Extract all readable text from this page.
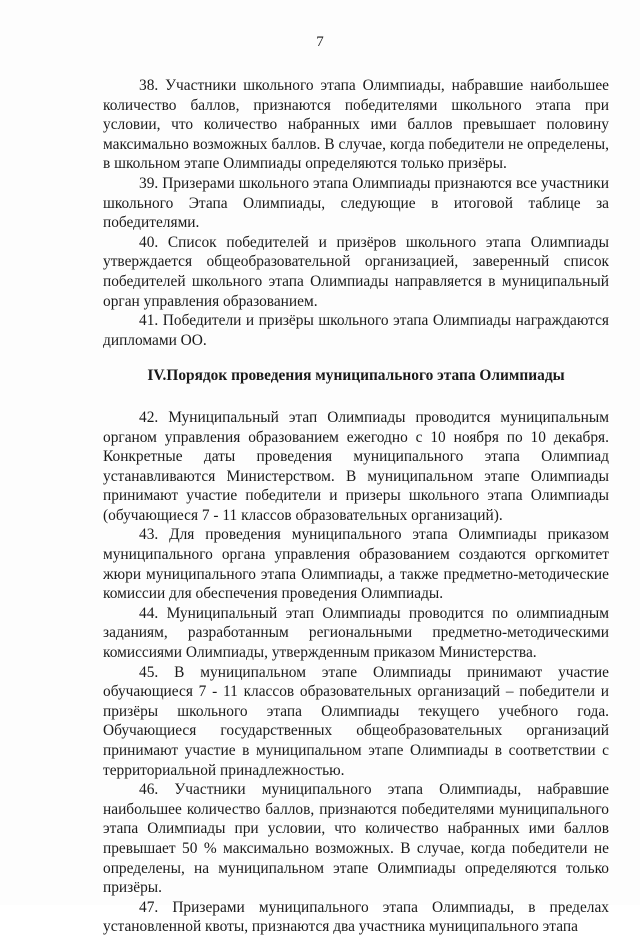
7

38. Участники школьного этапа Олимпиады, набравшие наибольшее количество баллов, признаются победителями школьного этапа при условии, что количество набранных ими баллов превышает половину максимально возможных баллов. В случае, когда победители не определены, в школьном этапе Олимпиады определяются только призёры.

39. Призерами школьного этапа Олимпиады признаются все участники школьного Этапа Олимпиады, следующие в итоговой таблице за победителями.

40. Список победителей и призёров школьного этапа Олимпиады утверждается общеобразовательной организацией, заверенный список победителей школьного этапа Олимпиады направляется в муниципальный орган управления образованием.

41. Победители и призёры школьного этапа Олимпиады награждаются дипломами ОО.

IV.Порядок проведения муниципального этапа Олимпиады

42. Муниципальный этап Олимпиады проводится муниципальным органом управления образованием ежегодно с 10 ноября по 10 декабря. Конкретные даты проведения муниципального этапа Олимпиад устанавливаются Министерством. В муниципальном этапе Олимпиады принимают участие победители и призеры школьного этапа Олимпиады (обучающиеся 7 - 11 классов образовательных организаций).

43. Для проведения муниципального этапа Олимпиады приказом муниципального органа управления образованием создаются оргкомитет жюри муниципального этапа Олимпиады, а также предметно-методические комиссии для обеспечения проведения Олимпиады.

44. Муниципальный этап Олимпиады проводится по олимпиадным заданиям, разработанным региональными предметно-методическими комиссиями Олимпиады, утвержденным приказом Министерства.

45. В муниципальном этапе Олимпиады принимают участие обучающиеся 7 - 11 классов образовательных организаций – победители и призёры школьного этапа Олимпиады текущего учебного года. Обучающиеся государственных общеобразовательных организаций принимают участие в муниципальном этапе Олимпиады в соответствии с территориальной принадлежностью.

46. Участники муниципального этапа Олимпиады, набравшие наибольшее количество баллов, признаются победителями муниципального этапа Олимпиады при условии, что количество набранных ими баллов превышает 50 % максимально возможных. В случае, когда победители не определены, на муниципальном этапе Олимпиады определяются только призёры.

47. Призерами муниципального этапа Олимпиады, в пределах установленной квоты, признаются два участника муниципального этапа
